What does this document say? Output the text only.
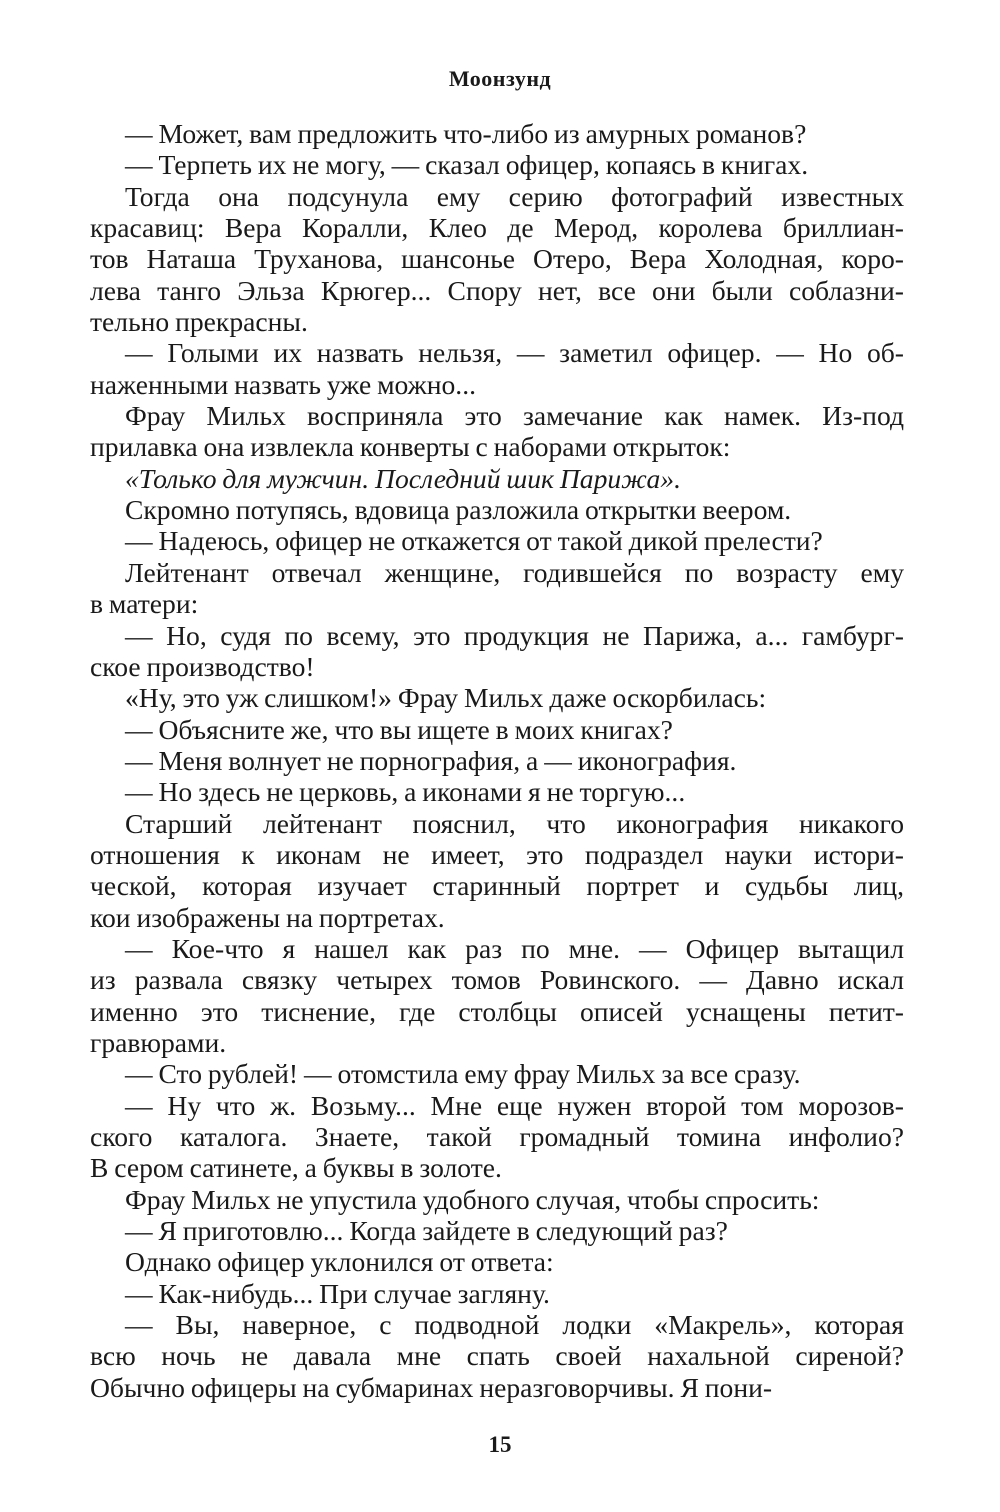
Моонзунд
— Может, вам предложить что-либо из амурных романов?
— Терпеть их не могу, — сказал офицер, копаясь в книгах.
Тогда она подсунула ему серию фотографий известных
красавиц: Вера Коралли, Клео де Мерод, королева бриллиан-
тов Наташа Труханова, шансонье Отеро, Вера Холодная, коро-
лева танго Эльза Крюгер... Спору нет, все они были соблазни-
тельно прекрасны.
— Голыми их назвать нельзя, — заметил офицер. — Но об-
наженными назвать уже можно...
Фрау Мильх восприняла это замечание как намек. Из-под
прилавка она извлекла конверты с наборами открыток:
«Только для мужчин. Последний шик Парижа».
Скромно потупясь, вдовица разложила открытки веером.
— Надеюсь, офицер не откажется от такой дикой прелести?
Лейтенант отвечал женщине, годившейся по возрасту ему
в матери:
— Но, судя по всему, это продукция не Парижа, а... гамбург-
ское производство!
«Ну, это уж слишком!» Фрау Мильх даже оскорбилась:
— Объясните же, что вы ищете в моих книгах?
— Меня волнует не порнография, а — иконография.
— Но здесь не церковь, а иконами я не торгую...
Старший лейтенант пояснил, что иконография никакого
отношения к иконам не имеет, это подраздел науки истори-
ческой, которая изучает старинный портрет и судьбы лиц,
кои изображены на портретах.
— Кое-что я нашел как раз по мне. — Офицер вытащил
из развала связку четырех томов Ровинского. — Давно искал
именно это тиснение, где столбцы описей уснащены петит-
гравюрами.
— Сто рублей! — отомстила ему фрау Мильх за все сразу.
— Ну что ж. Возьму... Мне еще нужен второй том морозов-
ского каталога. Знаете, такой громадный томина инфолио?
В сером сатинете, а буквы в золоте.
Фрау Мильх не упустила удобного случая, чтобы спросить:
— Я приготовлю... Когда зайдете в следующий раз?
Однако офицер уклонился от ответа:
— Как-нибудь... При случае загляну.
— Вы, наверное, с подводной лодки «Макрель», которая
всю ночь не давала мне спать своей нахальной сиреной?
Обычно офицеры на субмаринах неразговорчивы. Я пони-
15
